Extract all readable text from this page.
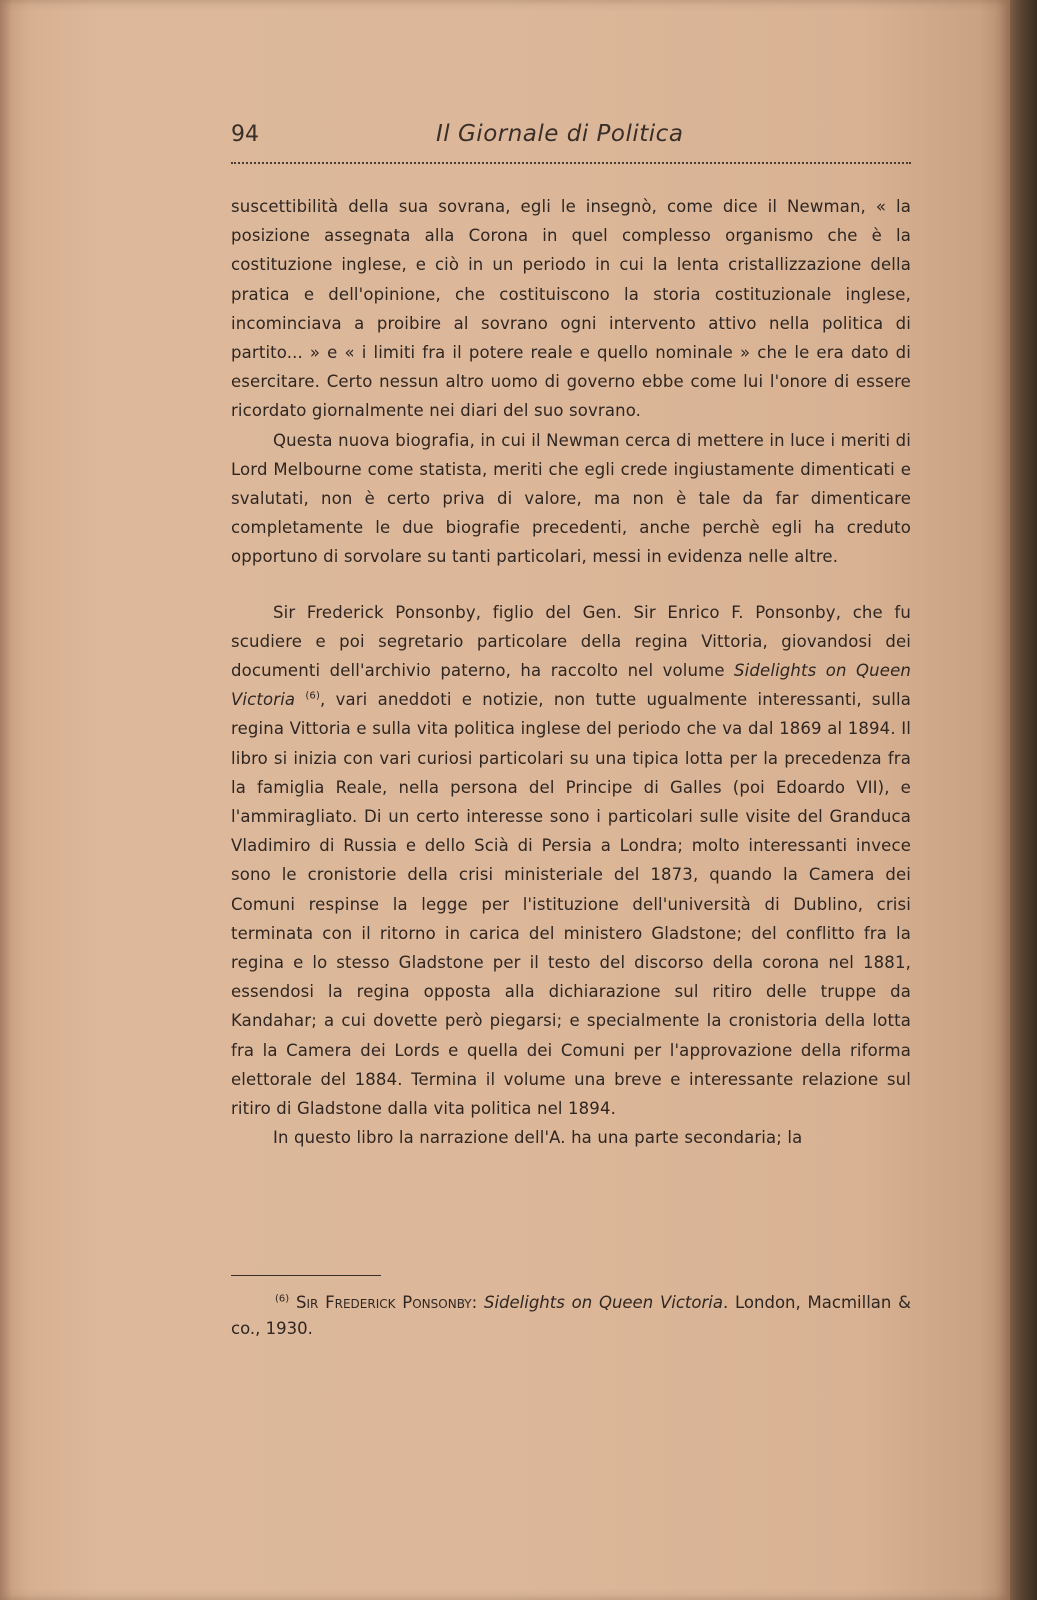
94	Il Giornale di Politica

suscettibilità della sua sovrana, egli le insegnò, come dice il Newman, « la posizione assegnata alla Corona in quel complesso organismo che è la costituzione inglese, e ciò in un periodo in cui la lenta cristallizzazione della pratica e dell'opinione, che costituiscono la storia costituzionale inglese, incominciava a proibire al sovrano ogni intervento attivo nella politica di partito... » e « i limiti fra il potere reale e quello nominale » che le era dato di esercitare. Certo nessun altro uomo di governo ebbe come lui l'onore di essere ricordato giornalmente nei diari del suo sovrano.

Questa nuova biografia, in cui il Newman cerca di mettere in luce i meriti di Lord Melbourne come statista, meriti che egli crede ingiustamente dimenticati e svalutati, non è certo priva di valore, ma non è tale da far dimenticare completamente le due biografie precedenti, anche perchè egli ha creduto opportuno di sorvolare su tanti particolari, messi in evidenza nelle altre.

Sir Frederick Ponsonby, figlio del Gen. Sir Enrico F. Ponsonby, che fu scudiere e poi segretario particolare della regina Vittoria, giovandosi dei documenti dell'archivio paterno, ha raccolto nel volume Sidelights on Queen Victoria $^{(6)}$, vari aneddoti e notizie, non tutte ugualmente interessanti, sulla regina Vittoria e sulla vita politica inglese del periodo che va dal 1869 al 1894. Il libro si inizia con vari curiosi particolari su una tipica lotta per la precedenza fra la famiglia Reale, nella persona del Principe di Galles (poi Edoardo VII), e l'ammiragliato. Di un certo interesse sono i particolari sulle visite del Granduca Vladimiro di Russia e dello Scià di Persia a Londra; molto interessanti invece sono le cronistorie della crisi ministeriale del 1873, quando la Camera dei Comuni respinse la legge per l'istituzione dell'università di Dublino, crisi terminata con il ritorno in carica del ministero Gladstone; del conflitto fra la regina e lo stesso Gladstone per il testo del discorso della corona nel 1881, essendosi la regina opposta alla dichiarazione sul ritiro delle truppe da Kandahar; a cui dovette però piegarsi; e specialmente la cronistoria della lotta fra la Camera dei Lords e quella dei Comuni per l'approvazione della riforma elettorale del 1884. Termina il volume una breve e interessante relazione sul ritiro di Gladstone dalla vita politica nel 1894.

In questo libro la narrazione dell'A. ha una parte secondaria; la

$^{(6)}$ Sir Frederick Ponsonby: Sidelights on Queen Victoria. London, Macmillan & co., 1930.
